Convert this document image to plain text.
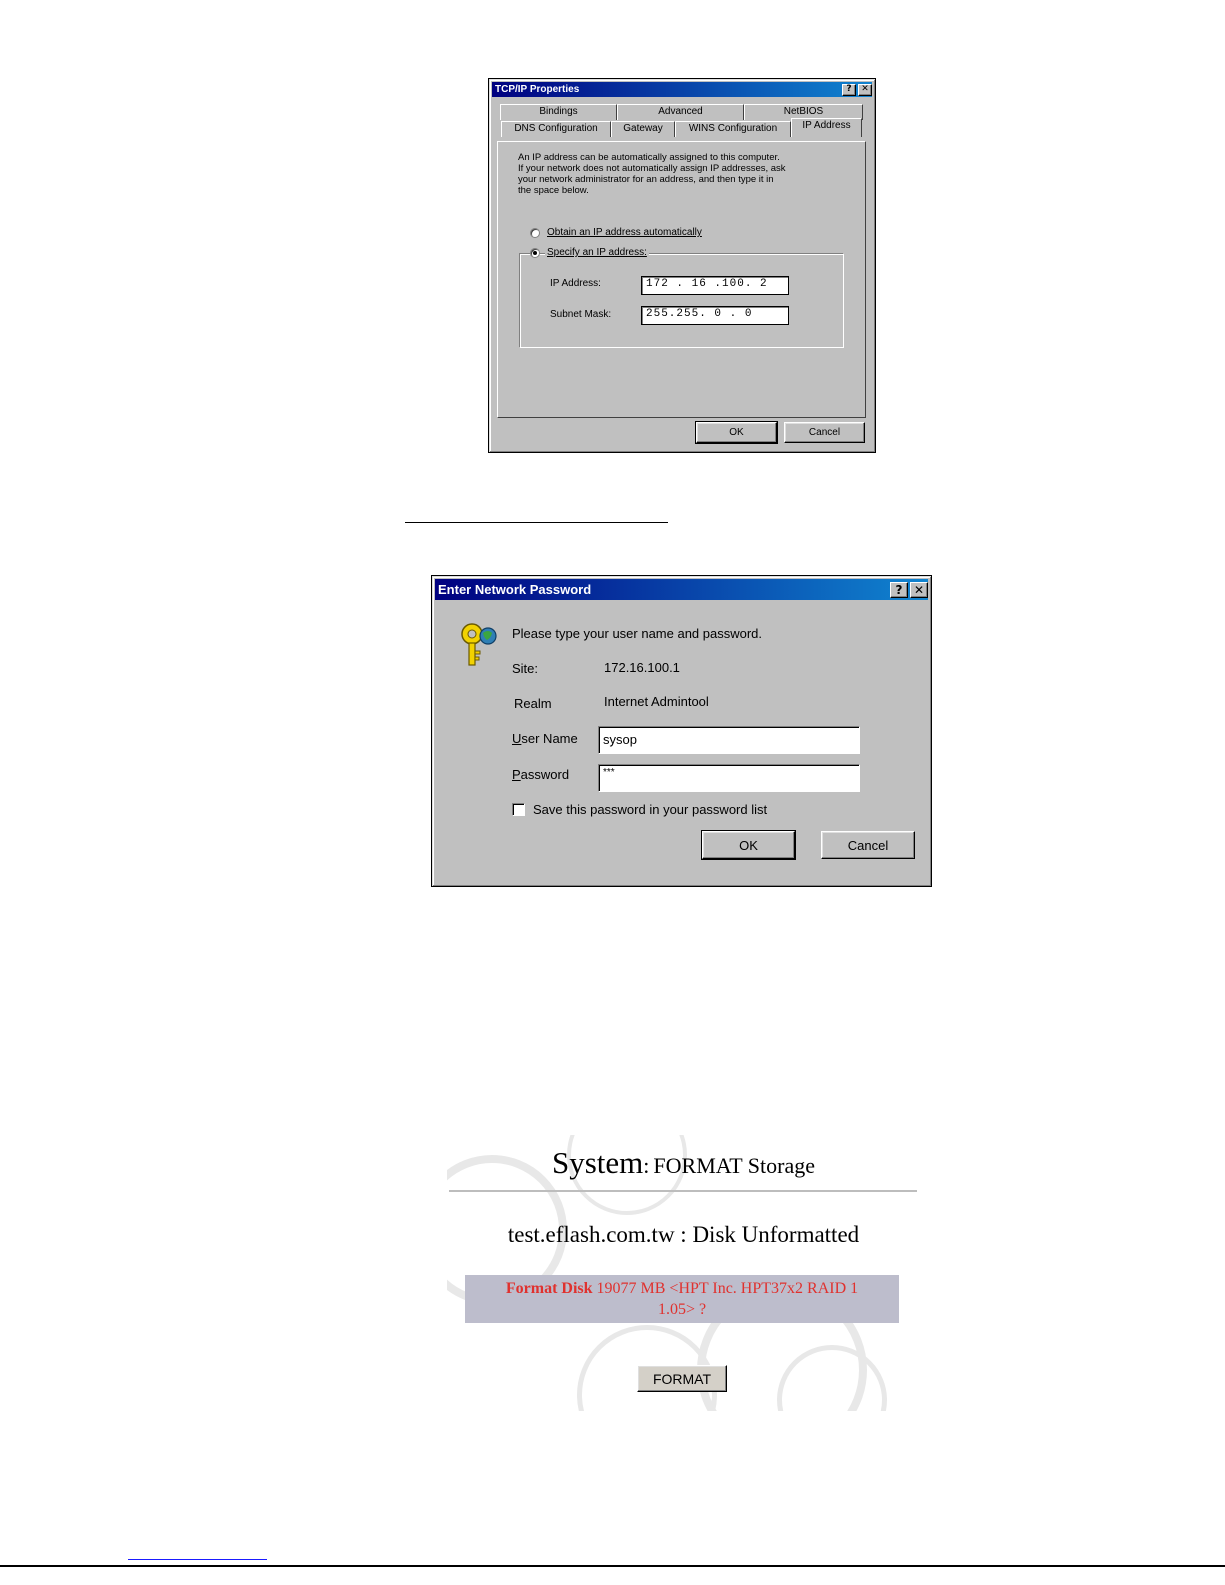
TCP/IP Properties	?	✕
Bindings	Advanced	NetBIOS
DNS Configuration	Gateway	WINS Configuration	IP Address
An IP address can be automatically assigned to this computer.
If your network does not automatically assign IP addresses, ask
your network administrator for an address, and then type it in
the space below.
Obtain an IP address automatically
Specify an IP address:
IP Address:	172 . 16 .100. 2
Subnet Mask:	255.255. 0 . 0
OK	Cancel
Enter Network Password	? ✕
Please type your user name and password.
Site:	172.16.100.1
Realm	Internet Admintool
User Name sysop
Password	***
Save this password in your password list
OK	Cancel
System: FORMAT Storage
test.eflash.com.tw : Disk Unformatted
Format Disk 19077 MB <HPT Inc. HPT37x2 RAID 1
1.05> ?
FORMAT
